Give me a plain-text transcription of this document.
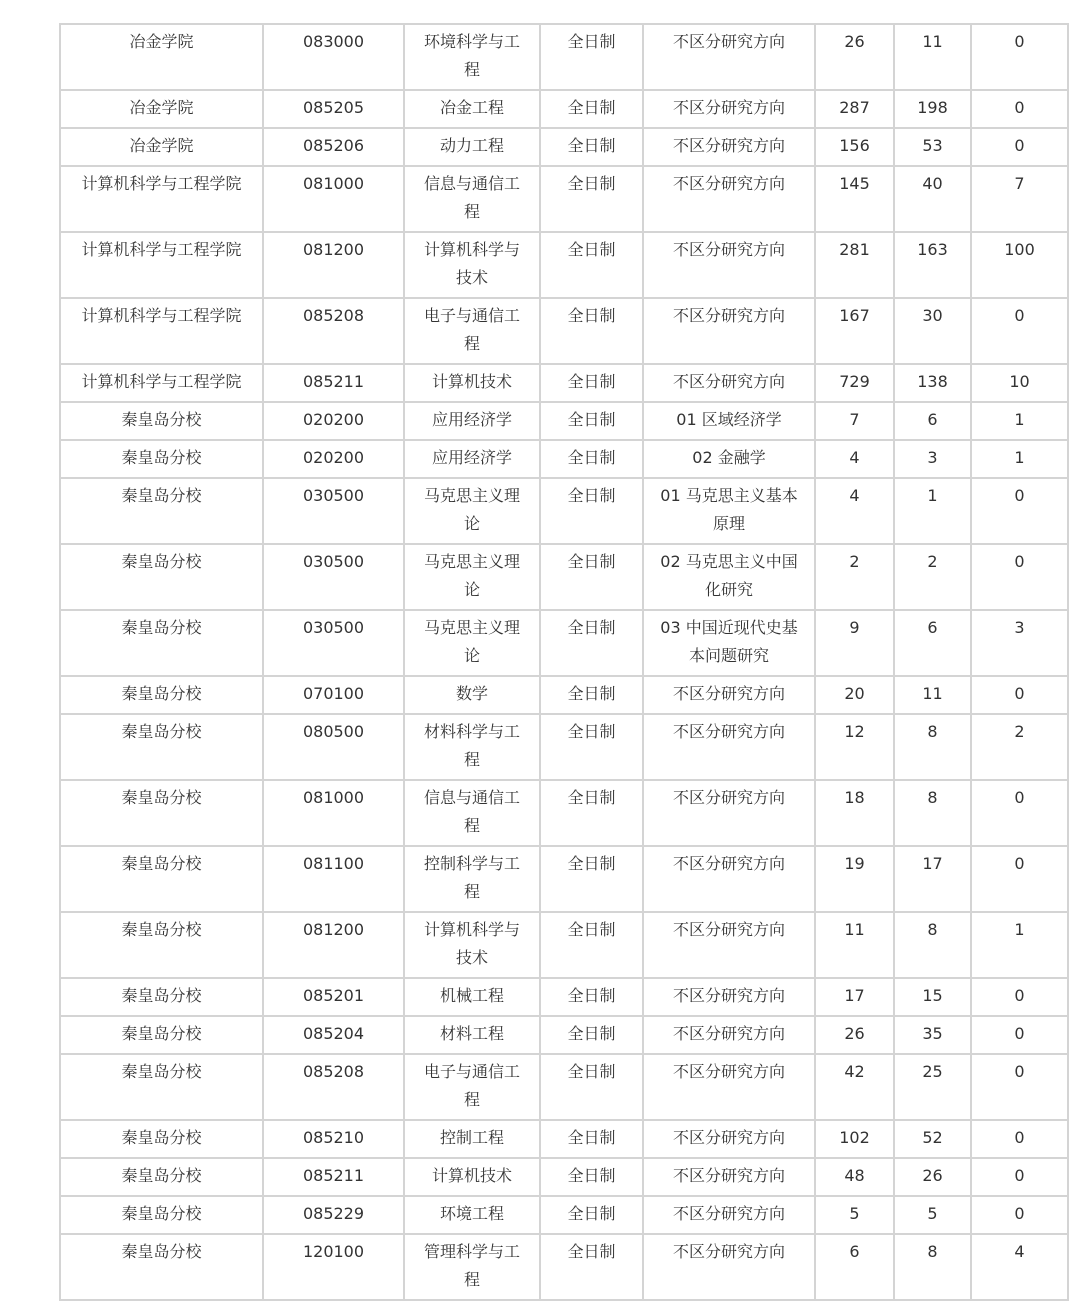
冶金学院	083000	环境科学与工程	全日制	不区分研究方向	26	11	0
冶金学院	085205	冶金工程	全日制	不区分研究方向	287	198	0
冶金学院	085206	动力工程	全日制	不区分研究方向	156	53	0
计算机科学与工程学院	081000	信息与通信工程	全日制	不区分研究方向	145	40	7
计算机科学与工程学院	081200	计算机科学与技术	全日制	不区分研究方向	281	163	100
计算机科学与工程学院	085208	电子与通信工程	全日制	不区分研究方向	167	30	0
计算机科学与工程学院	085211	计算机技术	全日制	不区分研究方向	729	138	10
秦皇岛分校	020200	应用经济学	全日制	01 区域经济学	7	6	1
秦皇岛分校	020200	应用经济学	全日制	02 金融学	4	3	1
秦皇岛分校	030500	马克思主义理论	全日制	01 马克思主义基本原理	4	1	0
秦皇岛分校	030500	马克思主义理论	全日制	02 马克思主义中国化研究	2	2	0
秦皇岛分校	030500	马克思主义理论	全日制	03 中国近现代史基本问题研究	9	6	3
秦皇岛分校	070100	数学	全日制	不区分研究方向	20	11	0
秦皇岛分校	080500	材料科学与工程	全日制	不区分研究方向	12	8	2
秦皇岛分校	081000	信息与通信工程	全日制	不区分研究方向	18	8	0
秦皇岛分校	081100	控制科学与工程	全日制	不区分研究方向	19	17	0
秦皇岛分校	081200	计算机科学与技术	全日制	不区分研究方向	11	8	1
秦皇岛分校	085201	机械工程	全日制	不区分研究方向	17	15	0
秦皇岛分校	085204	材料工程	全日制	不区分研究方向	26	35	0
秦皇岛分校	085208	电子与通信工程	全日制	不区分研究方向	42	25	0
秦皇岛分校	085210	控制工程	全日制	不区分研究方向	102	52	0
秦皇岛分校	085211	计算机技术	全日制	不区分研究方向	48	26	0
秦皇岛分校	085229	环境工程	全日制	不区分研究方向	5	5	0
秦皇岛分校	120100	管理科学与工程	全日制	不区分研究方向	6	8	4
